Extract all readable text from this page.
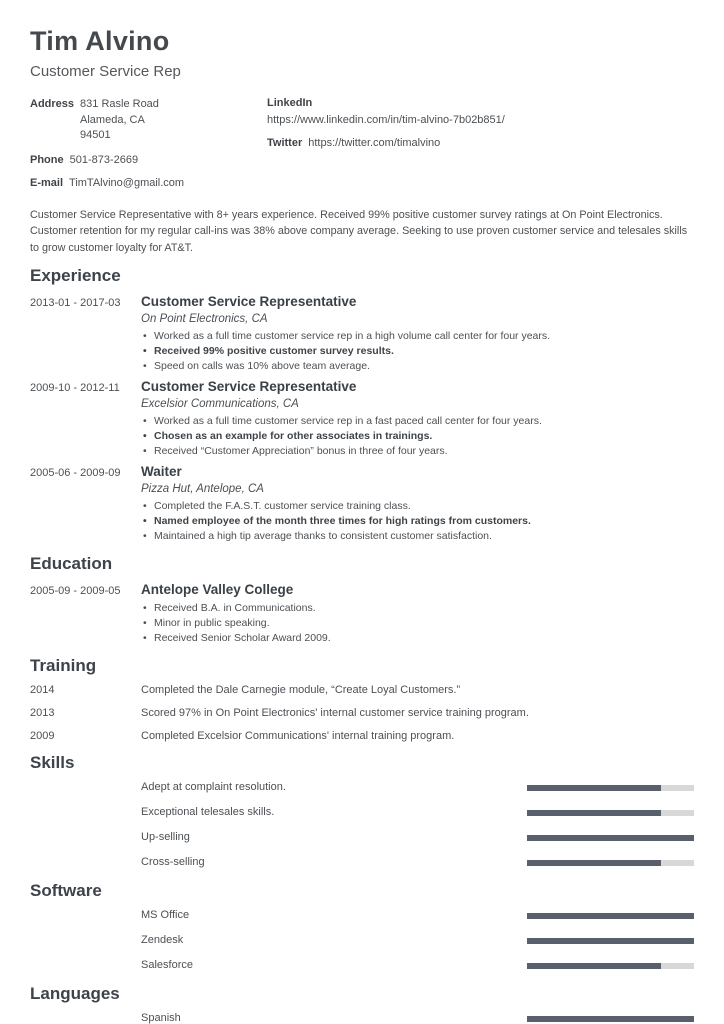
Tim Alvino
Customer Service Rep
Address 831 Rasle Road
Alameda, CA
94501
Phone 501-873-2669
E-mail TimTAlvino@gmail.com
LinkedIn
https://www.linkedin.com/in/tim-alvino-7b02b851/
Twitter https://twitter.com/timalvino

Customer Service Representative with 8+ years experience. Received 99% positive customer survey ratings at On Point Electronics. Customer retention for my regular call-ins was 38% above company average. Seeking to use proven customer service and telesales skills to grow customer loyalty for AT&T.

Experience
2013-01 - 2017-03	Customer Service Representative
On Point Electronics, CA
• Worked as a full time customer service rep in a high volume call center for four years.
• Received 99% positive customer survey results.
• Speed on calls was 10% above team average.
2009-10 - 2012-11	Customer Service Representative
Excelsior Communications, CA
• Worked as a full time customer service rep in a fast paced call center for four years.
• Chosen as an example for other associates in trainings.
• Received “Customer Appreciation” bonus in three of four years.
2005-06 - 2009-09	Waiter
Pizza Hut, Antelope, CA
• Completed the F.A.S.T. customer service training class.
• Named employee of the month three times for high ratings from customers.
• Maintained a high tip average thanks to consistent customer satisfaction.
Education
2005-09 - 2009-05	Antelope Valley College
• Received B.A. in Communications.
• Minor in public speaking.
• Received Senior Scholar Award 2009.
Training
2014	Completed the Dale Carnegie module, “Create Loyal Customers.”
2013	Scored 97% in On Point Electronics' internal customer service training program.
2009	Completed Excelsior Communications' internal training program.
Skills
Adept at complaint resolution.
Exceptional telesales skills.
Up-selling
Cross-selling
Software
MS Office
Zendesk
Salesforce
Languages
Spanish
